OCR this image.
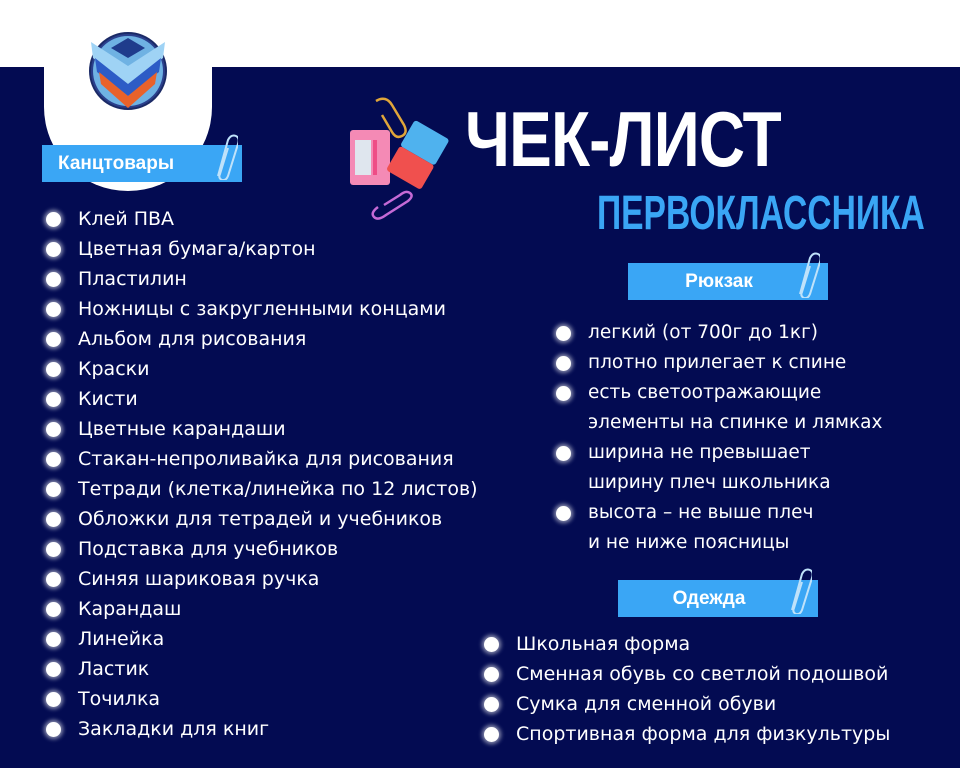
ЧЕК-ЛИСТ
ПЕРВОКЛАССНИКА
Канцтовары
Клей ПВА
Цветная бумага/картон
Пластилин
Ножницы с закругленными концами
Альбом для рисования
Краски
Кисти
Цветные карандаши
Стакан-непроливайка для рисования
Тетради (клетка/линейка по 12 листов)
Обложки для тетрадей и учебников
Подставка для учебников
Синяя шариковая ручка
Карандаш
Линейка
Ластик
Точилка
Закладки для книг
Рюкзак
легкий (от 700г до 1кг)
плотно прилегает к спине
есть светоотражающие
элементы на спинке и лямках
ширина не превышает
ширину плеч школьника
высота – не выше плеч
и не ниже поясницы
Одежда
Школьная форма
Сменная обувь со светлой подошвой
Сумка для сменной обуви
Спортивная форма для физкультуры
